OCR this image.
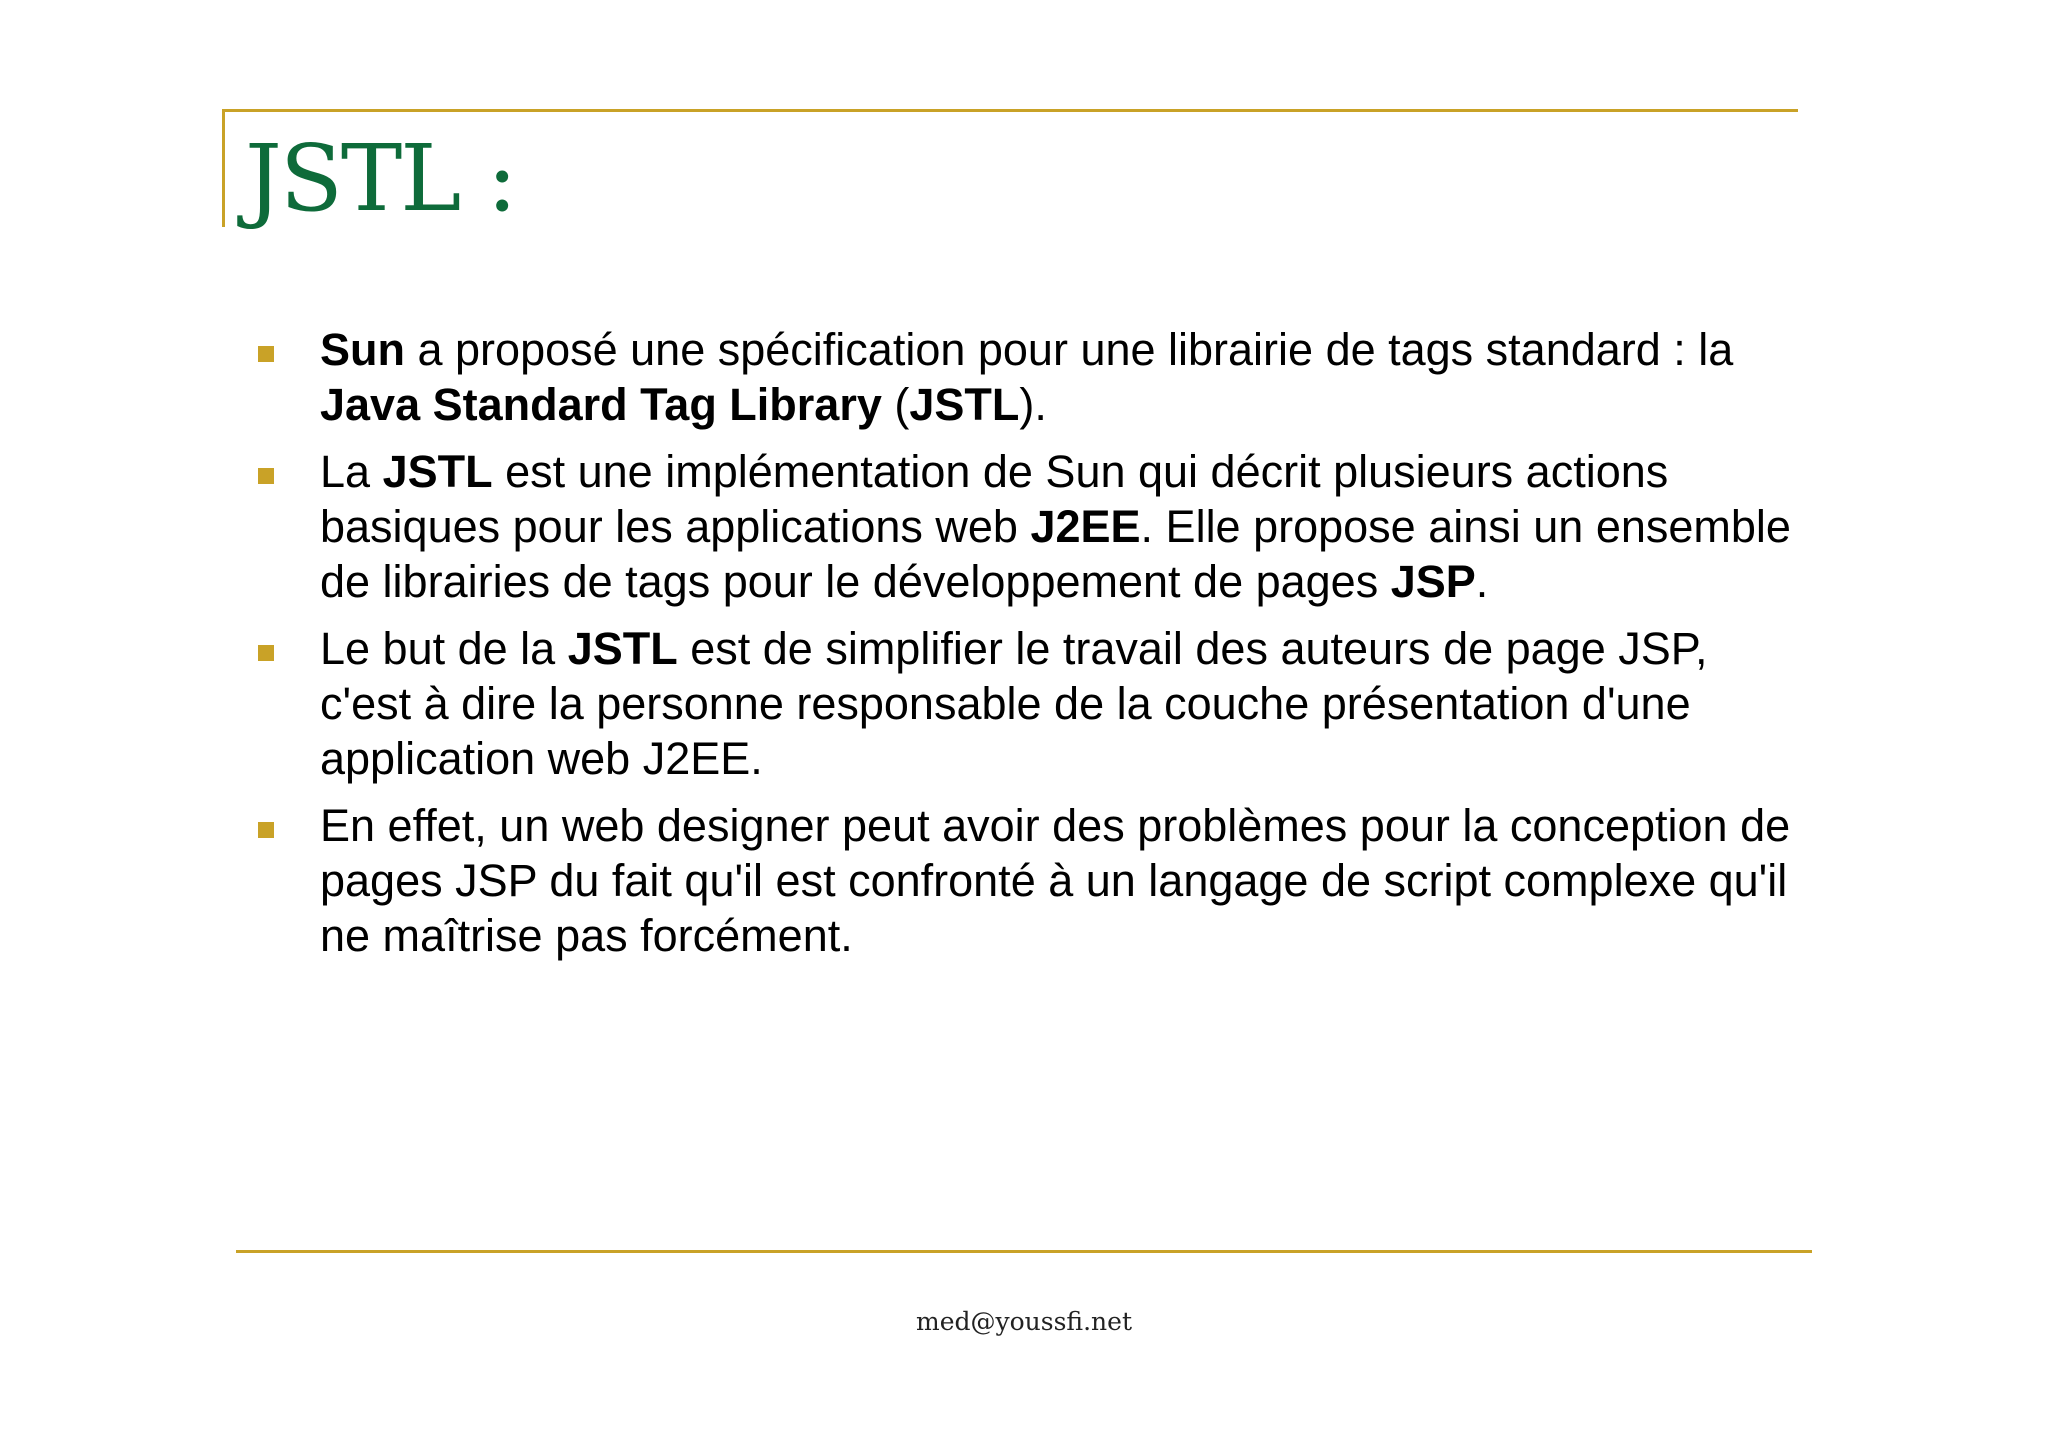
JSTL :
Sun a proposé une spécification pour une librairie de tags standard : la Java Standard Tag Library (JSTL).
La JSTL est une implémentation de Sun qui décrit plusieurs actions basiques pour les applications web J2EE. Elle propose ainsi un ensemble de librairies de tags pour le développement de pages JSP.
Le but de la JSTL est de simplifier le travail des auteurs de page JSP, c'est à dire la personne responsable de la couche présentation d'une application web J2EE.
En effet, un web designer peut avoir des problèmes pour la conception de pages JSP du fait qu'il est confronté à un langage de script complexe qu'il ne maîtrise pas forcément.
med@youssfi.net
